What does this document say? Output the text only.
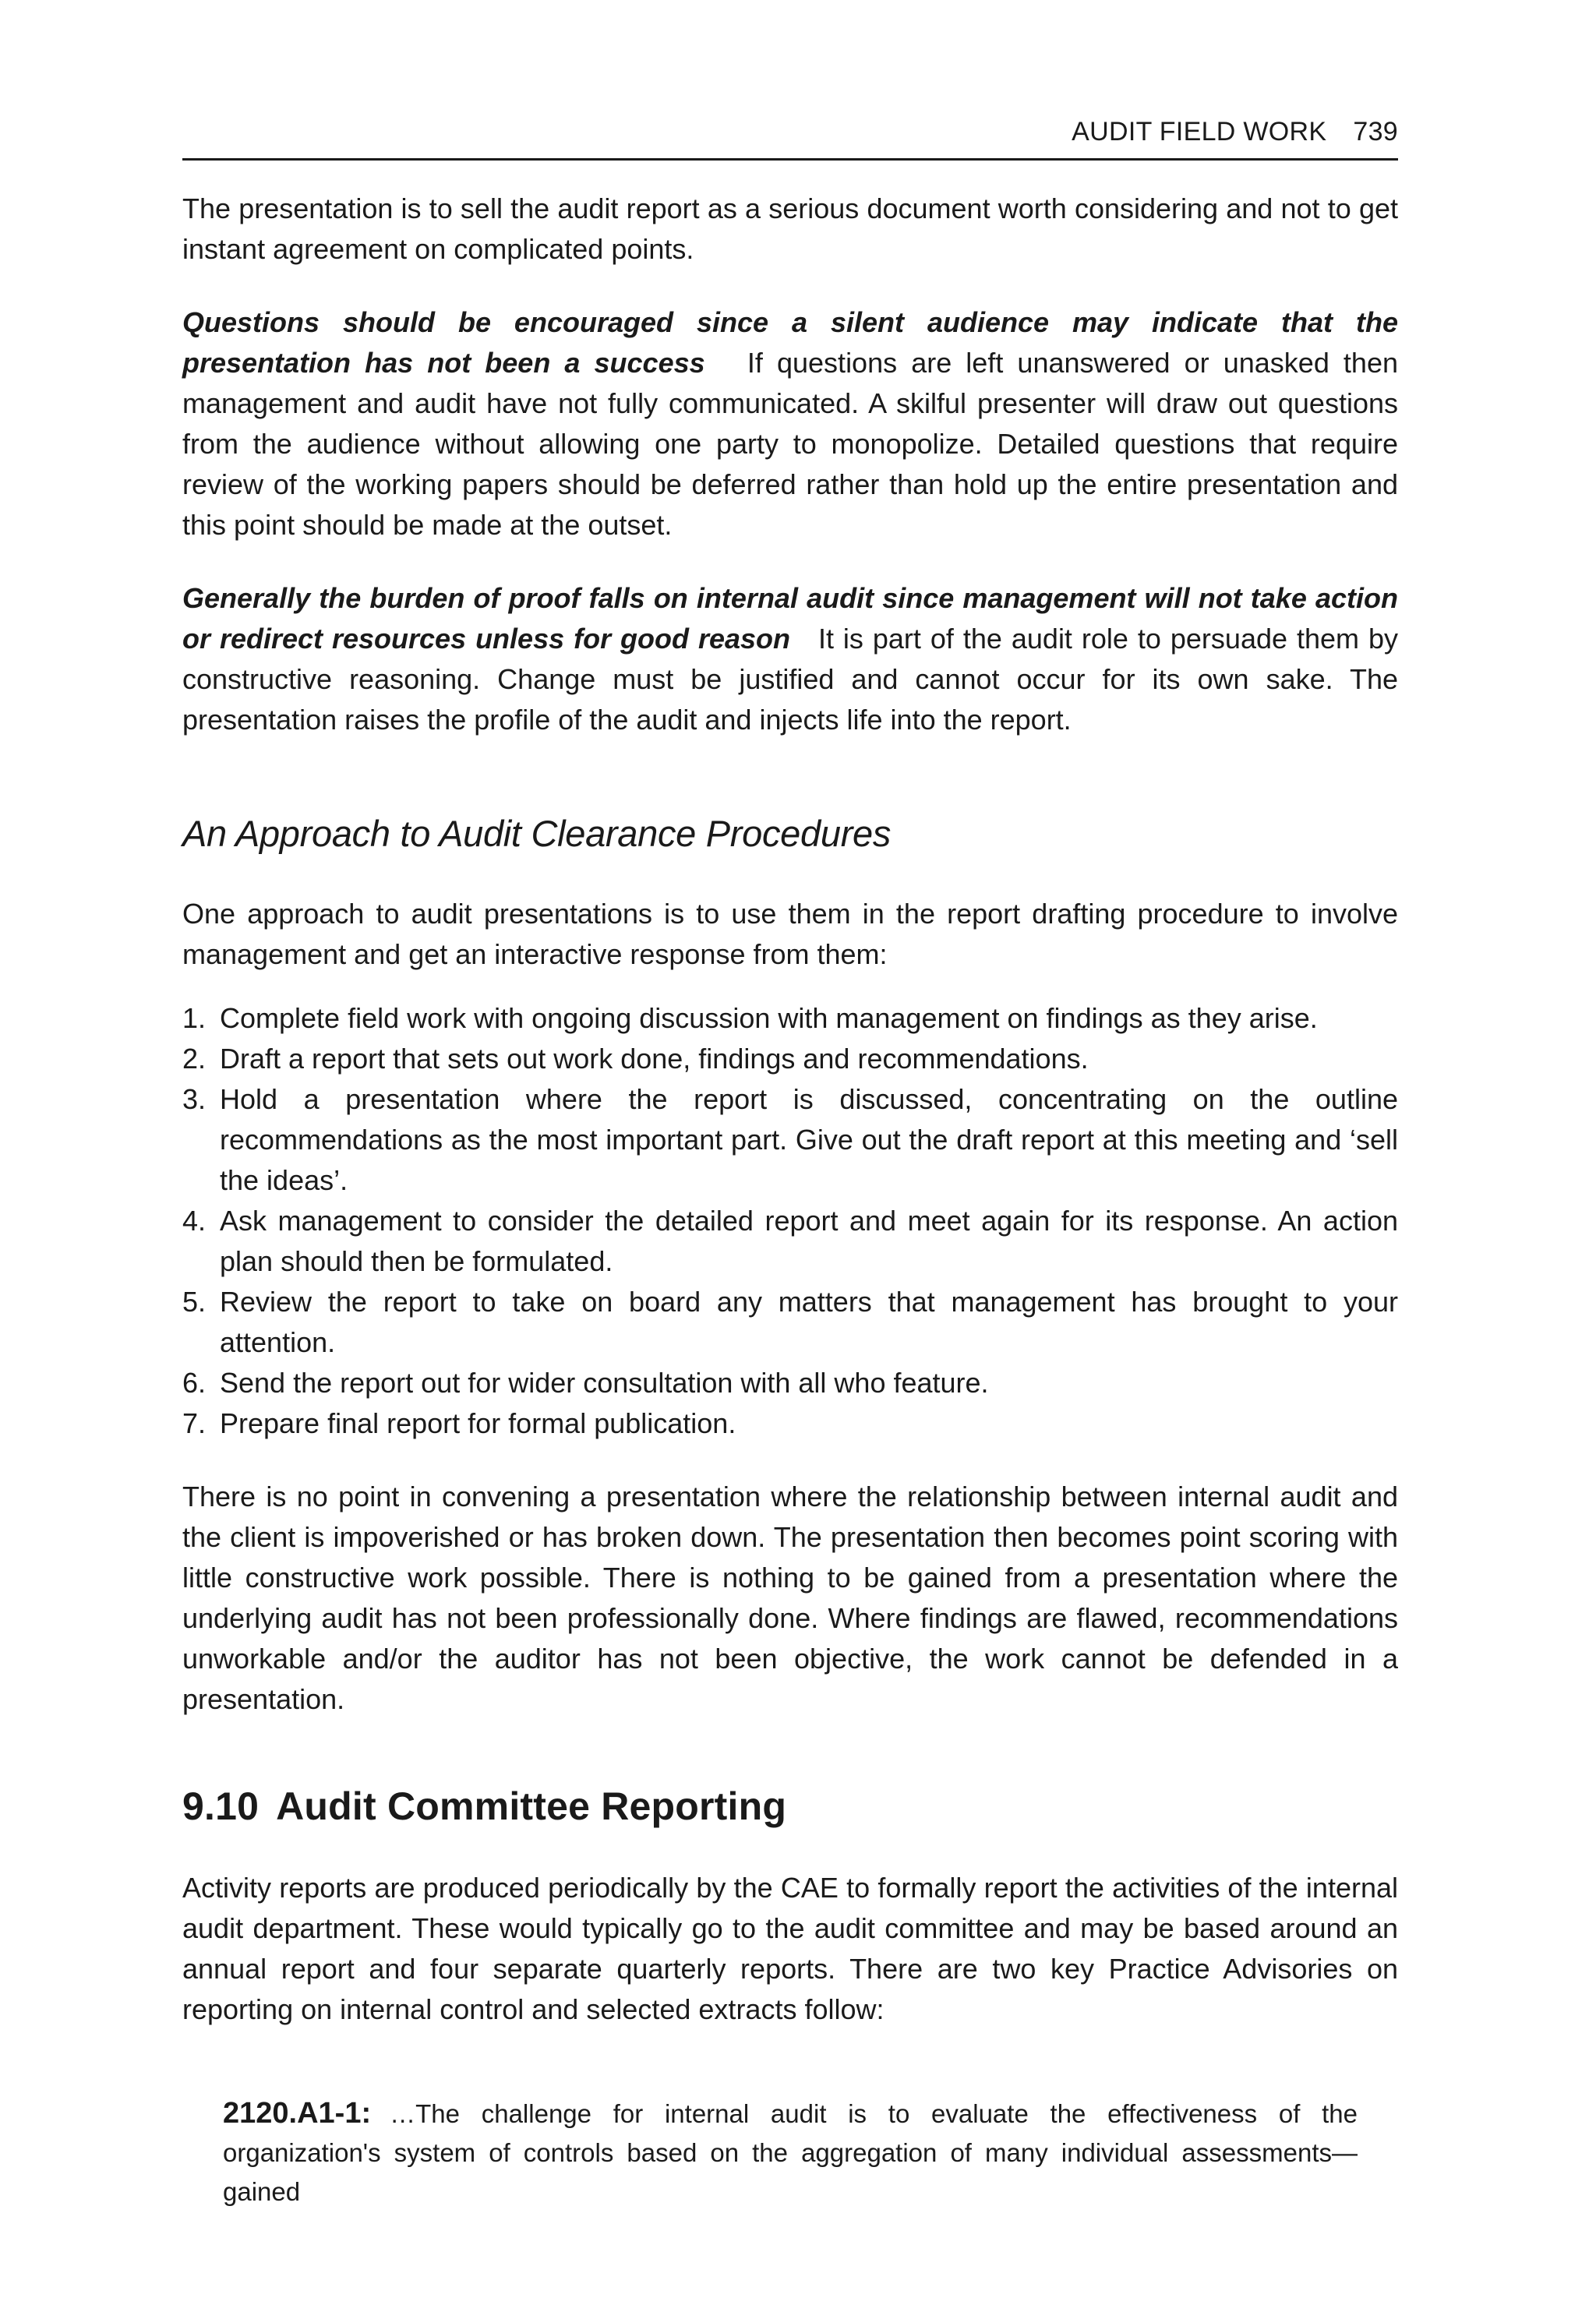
AUDIT FIELD WORK 739

The presentation is to sell the audit report as a serious document worth considering and not to get instant agreement on complicated points.

Questions should be encouraged since a silent audience may indicate that the presentation has not been a success If questions are left unanswered or unasked then management and audit have not fully communicated. A skilful presenter will draw out questions from the audience without allowing one party to monopolize. Detailed questions that require review of the working papers should be deferred rather than hold up the entire presentation and this point should be made at the outset.

Generally the burden of proof falls on internal audit since management will not take action or redirect resources unless for good reason It is part of the audit role to persuade them by constructive reasoning. Change must be justified and cannot occur for its own sake. The presentation raises the profile of the audit and injects life into the report.

An Approach to Audit Clearance Procedures

One approach to audit presentations is to use them in the report drafting procedure to involve management and get an interactive response from them:

1. Complete field work with ongoing discussion with management on findings as they arise.
2. Draft a report that sets out work done, findings and recommendations.
3. Hold a presentation where the report is discussed, concentrating on the outline recommendations as the most important part. Give out the draft report at this meeting and ‘sell the ideas’.
4. Ask management to consider the detailed report and meet again for its response. An action plan should then be formulated.
5. Review the report to take on board any matters that management has brought to your attention.
6. Send the report out for wider consultation with all who feature.
7. Prepare final report for formal publication.

There is no point in convening a presentation where the relationship between internal audit and the client is impoverished or has broken down. The presentation then becomes point scoring with little constructive work possible. There is nothing to be gained from a presentation where the underlying audit has not been professionally done. Where findings are flawed, recommendations unworkable and/or the auditor has not been objective, the work cannot be defended in a presentation.

9.10 Audit Committee Reporting

Activity reports are produced periodically by the CAE to formally report the activities of the internal audit department. These would typically go to the audit committee and may be based around an annual report and four separate quarterly reports. There are two key Practice Advisories on reporting on internal control and selected extracts follow:

2120.A1-1: …The challenge for internal audit is to evaluate the effectiveness of the organization's system of controls based on the aggregation of many individual assessments—gained
